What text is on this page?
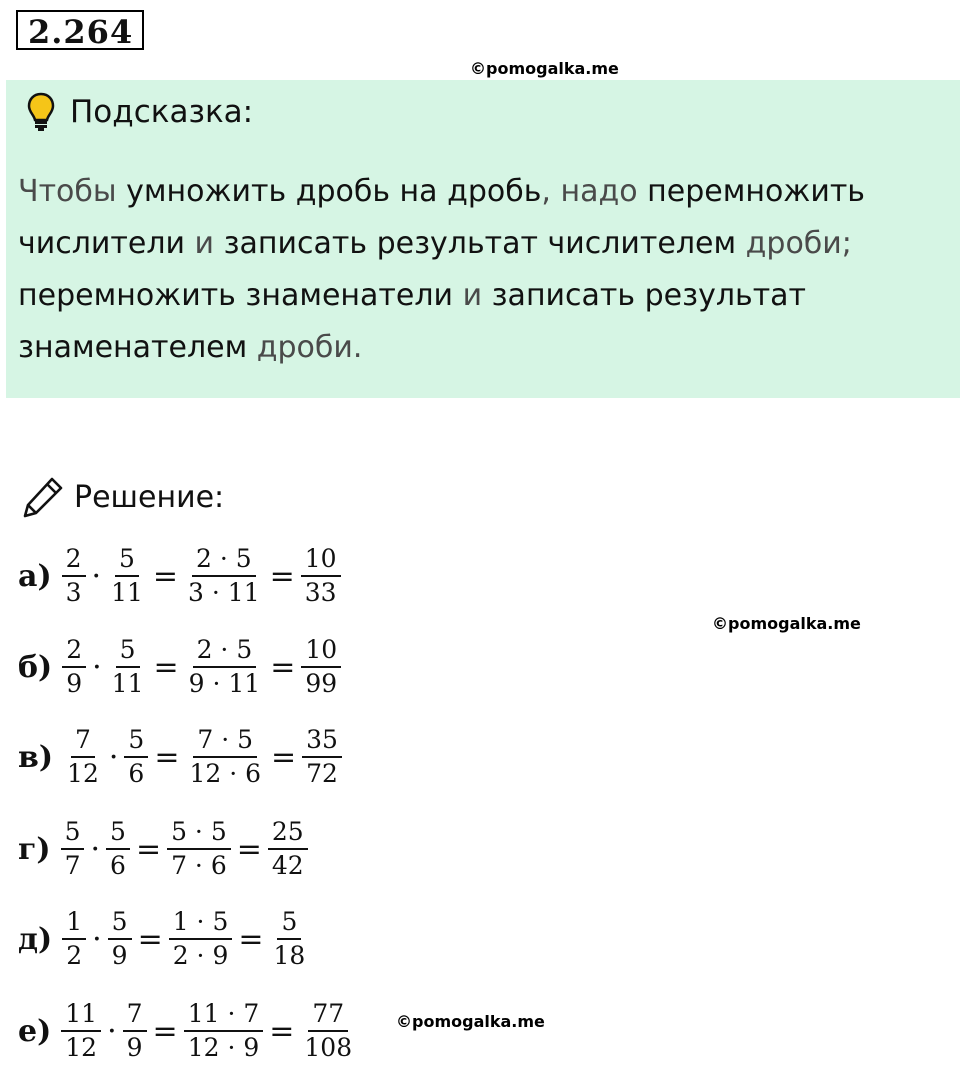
2.264
©pomogalka.me
Подсказка:
Чтобы умножить дробь на дробь, надо перемножить числители и записать результат числителем дроби; перемножить знаменатели и записать результат знаменателем дроби.
Решение:
©pomogalka.me
©pomogalka.me
$а) \frac{2}{3} \cdot \frac{5}{11} = \frac{2 \cdot 5}{3 \cdot 11} = \frac{10}{33}$
$б) \frac{2}{9} \cdot \frac{5}{11} = \frac{2 \cdot 5}{9 \cdot 11} = \frac{10}{99}$
$в) \frac{7}{12} \cdot \frac{5}{6} = \frac{7 \cdot 5}{12 \cdot 6} = \frac{35}{72}$
$г) \frac{5}{7} \cdot \frac{5}{6} = \frac{5 \cdot 5}{7 \cdot 6} = \frac{25}{42}$
$д) \frac{1}{2} \cdot \frac{5}{9} = \frac{1 \cdot 5}{2 \cdot 9} = \frac{5}{18}$
$е) \frac{11}{12} \cdot \frac{7}{9} = \frac{11 \cdot 7}{12 \cdot 9} = \frac{77}{108}$
